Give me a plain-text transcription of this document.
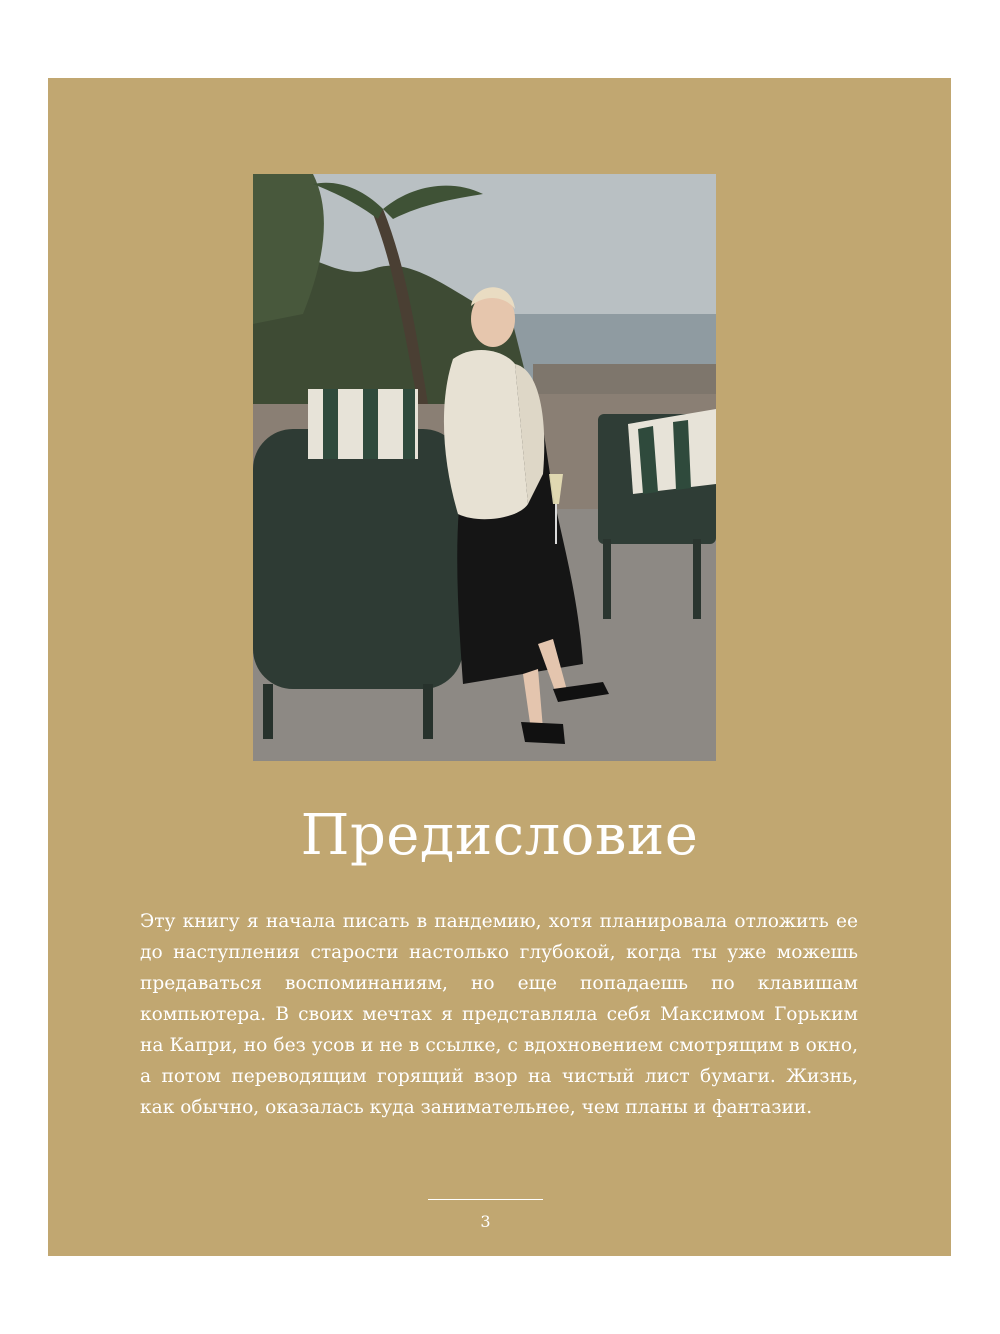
Предисловие

Эту книгу я начала писать в пандемию, хотя планировала отложить ее до наступления старости настолько глубокой, когда ты уже можешь предаваться воспоминаниям, но еще попадаешь по клавишам компьютера. В своих мечтах я представляла себя Максимом Горьким на Капри, но без усов и не в ссылке, с вдохновением смотрящим в окно, а потом переводящим горящий взор на чистый лист бумаги. Жизнь, как обычно, оказалась куда занимательнее, чем планы и фантазии.

3
